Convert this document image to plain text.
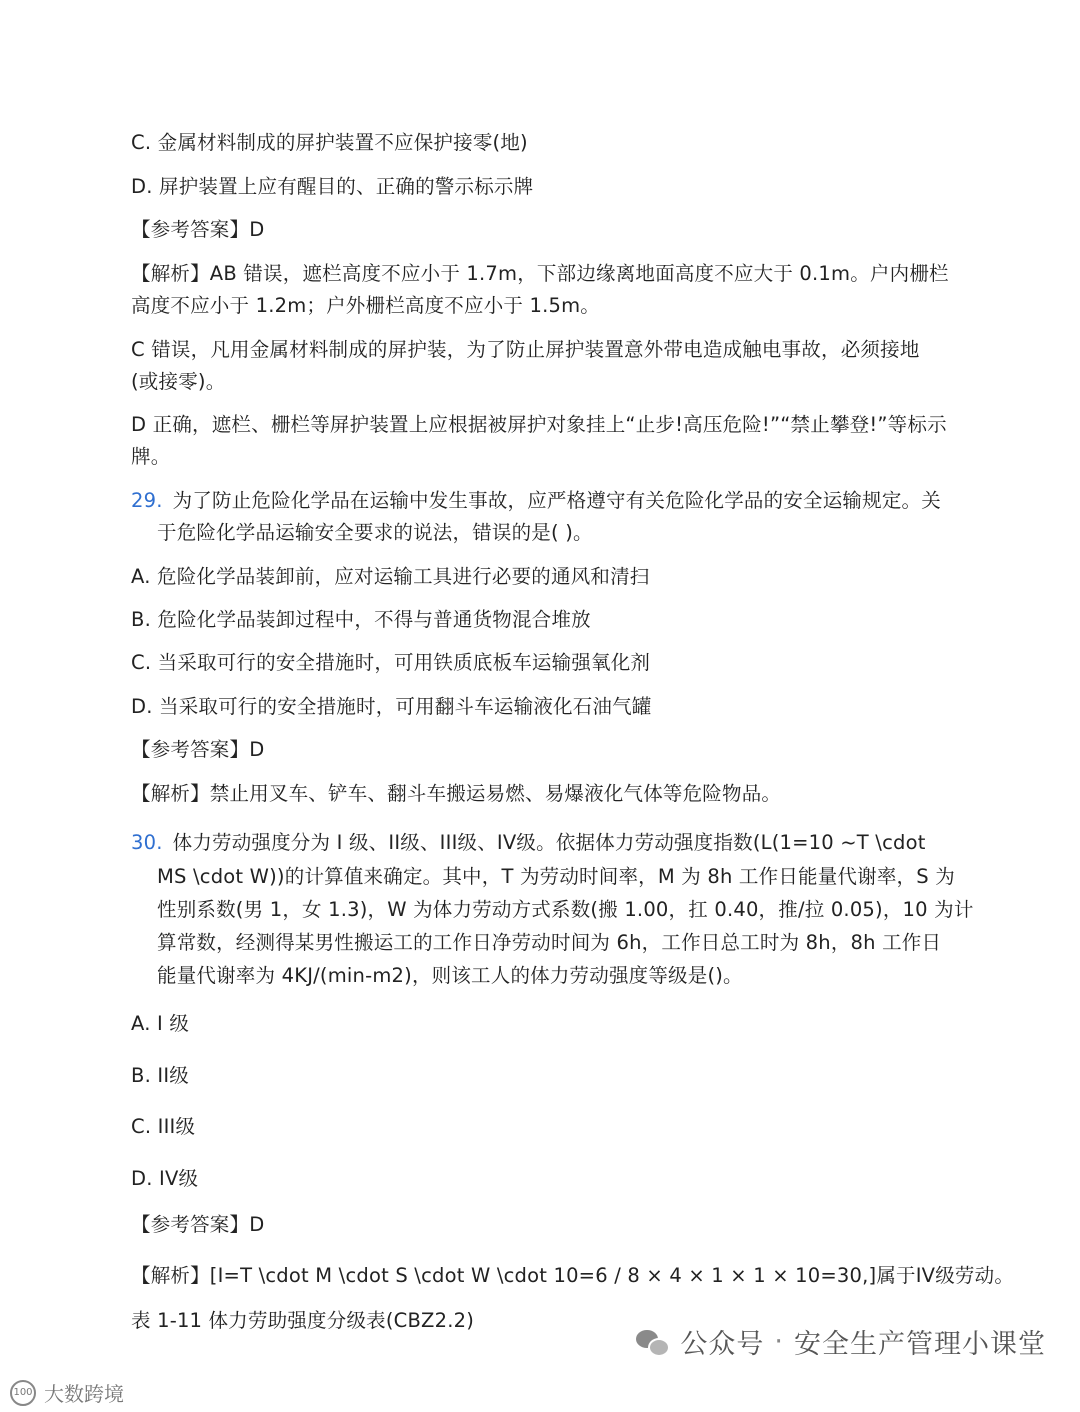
C. 金属材料制成的屏护装置不应保护接零(地)
D. 屏护装置上应有醒目的、正确的警示标示牌
【参考答案】D
【解析】AB 错误，遮栏高度不应小于 1.7m，下部边缘离地面高度不应大于 0.1m。户内栅栏
高度不应小于 1.2m；户外栅栏高度不应小于 1.5m。
C 错误，凡用金属材料制成的屏护装，为了防止屏护装置意外带电造成触电事故，必须接地
(或接零)。
D 正确，遮栏、栅栏等屏护装置上应根据被屏护对象挂上“止步!高压危险!”“禁止攀登!”等标示
牌。
29. 为了防止危险化学品在运输中发生事故，应严格遵守有关危险化学品的安全运输规定。关
于危险化学品运输安全要求的说法，错误的是( )。
A. 危险化学品装卸前，应对运输工具进行必要的通风和清扫
B. 危险化学品装卸过程中，不得与普通货物混合堆放
C. 当采取可行的安全措施时，可用铁质底板车运输强氧化剂
D. 当采取可行的安全措施时，可用翻斗车运输液化石油气罐
【参考答案】D
【解析】禁止用叉车、铲车、翻斗车搬运易燃、易爆液化气体等危险物品。
30. 体力劳动强度分为 I 级、II级、III级、IV级。依据体力劳动强度指数(L(1=10 ~T \cdot
MS \cdot W))的计算值来确定。其中，T 为劳动时间率，M 为 8h 工作日能量代谢率，S 为
性别系数(男 1，女 1.3)，W 为体力劳动方式系数(搬 1.00，扛 0.40，推/拉 0.05)，10 为计
算常数，经测得某男性搬运工的工作日净劳动时间为 6h，工作日总工时为 8h，8h 工作日
能量代谢率为 4KJ/(min-m2)，则该工人的体力劳动强度等级是()。
A. I 级
B. II级
C. III级
D. IV级
【参考答案】D
【解析】[I=T \cdot M \cdot S \cdot W \cdot 10=6 / 8 × 4 × 1 × 1 × 10=30,]属于IV级劳动。
表 1-11 体力劳助强度分级表(CBZ2.2)
公众号 · 安全生产管理小课堂
100 大数跨境
